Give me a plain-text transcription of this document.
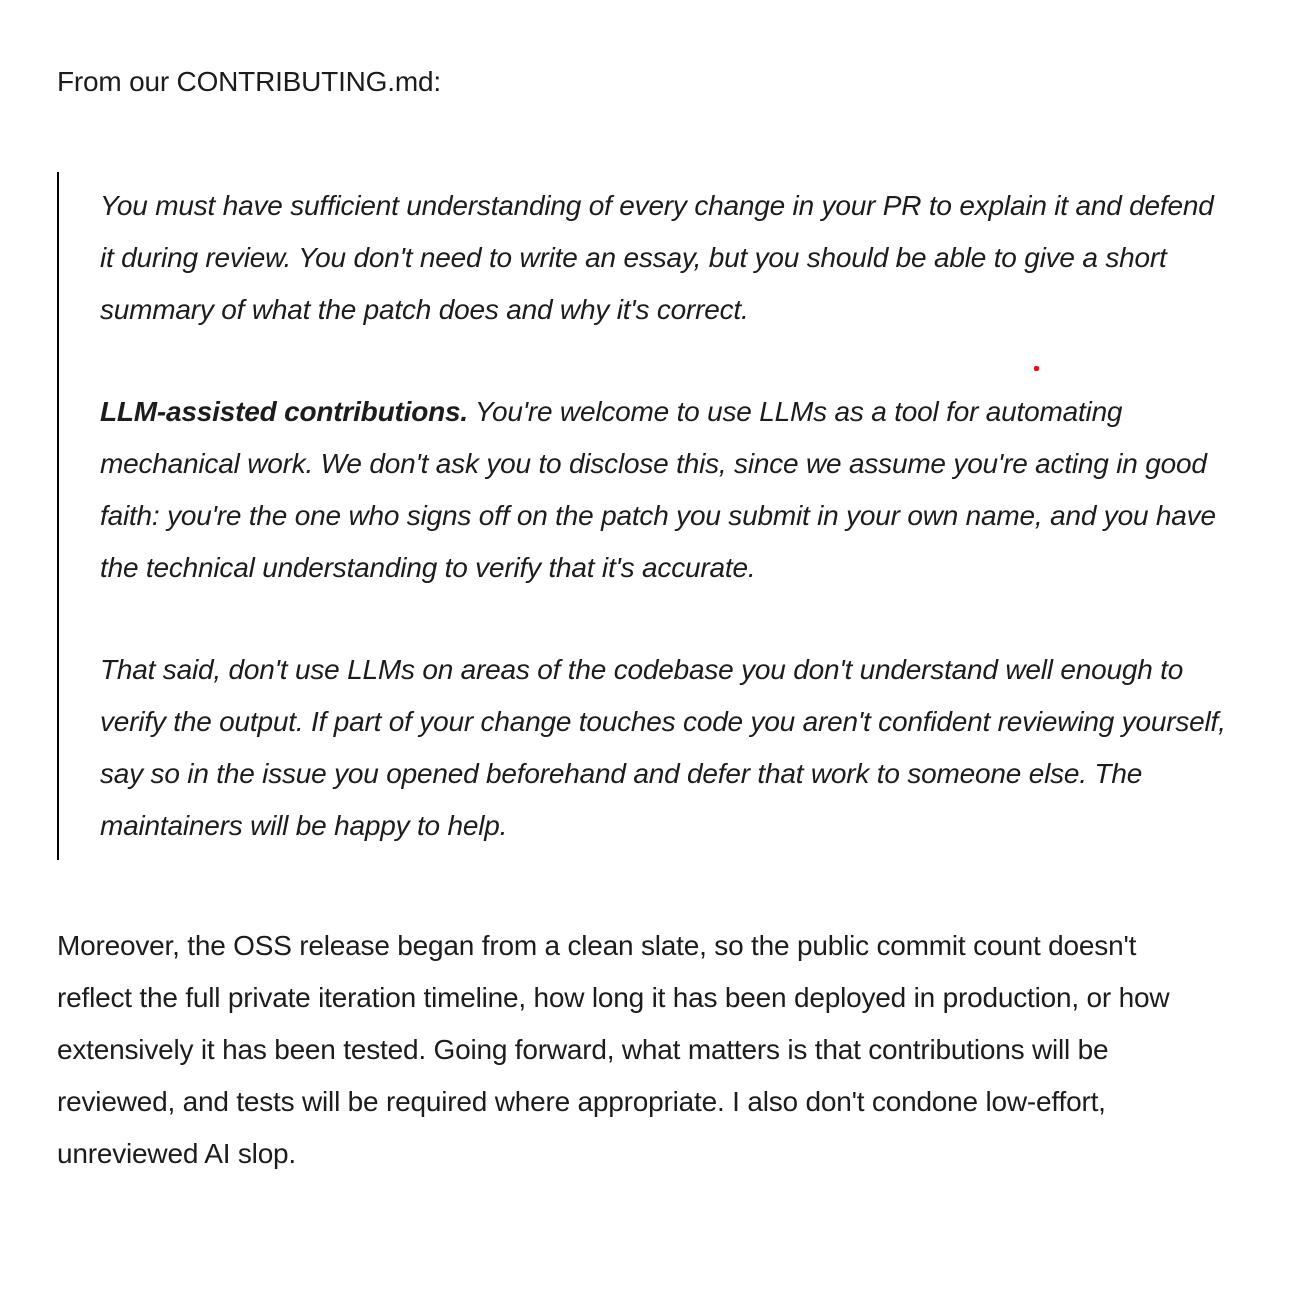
From our CONTRIBUTING.md:

You must have sufficient understanding of every change in your PR to explain it and defend it during review. You don't need to write an essay, but you should be able to give a short summary of what the patch does and why it's correct.

LLM-assisted contributions. You're welcome to use LLMs as a tool for automating mechanical work. We don't ask you to disclose this, since we assume you're acting in good faith: you're the one who signs off on the patch you submit in your own name, and you have the technical understanding to verify that it's accurate.

That said, don't use LLMs on areas of the codebase you don't understand well enough to verify the output. If part of your change touches code you aren't confident reviewing yourself, say so in the issue you opened beforehand and defer that work to someone else. The maintainers will be happy to help.

Moreover, the OSS release began from a clean slate, so the public commit count doesn't reflect the full private iteration timeline, how long it has been deployed in production, or how extensively it has been tested. Going forward, what matters is that contributions will be reviewed, and tests will be required where appropriate. I also don't condone low-effort, unreviewed AI slop.
